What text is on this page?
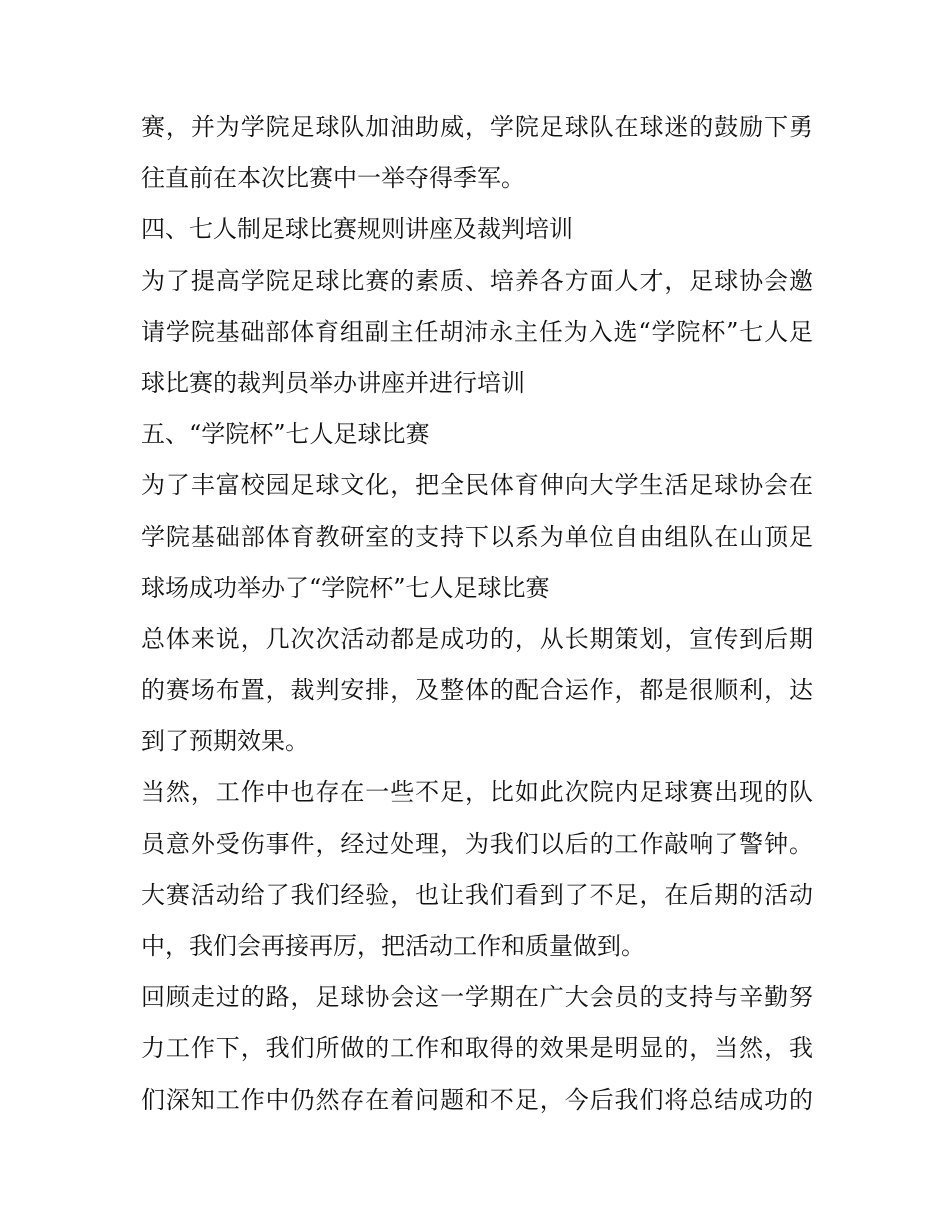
赛，并为学院足球队加油助威，学院足球队在球迷的鼓励下勇
往直前在本次比赛中一举夺得季军。
四、七人制足球比赛规则讲座及裁判培训
为了提高学院足球比赛的素质、培养各方面人才，足球协会邀
请学院基础部体育组副主任胡沛永主任为入选“学院杯”七人足
球比赛的裁判员举办讲座并进行培训
五、“学院杯”七人足球比赛
为了丰富校园足球文化，把全民体育伸向大学生活足球协会在
学院基础部体育教研室的支持下以系为单位自由组队在山顶足
球场成功举办了“学院杯”七人足球比赛
总体来说，几次次活动都是成功的，从长期策划，宣传到后期
的赛场布置，裁判安排，及整体的配合运作，都是很顺利，达
到了预期效果。
当然，工作中也存在一些不足，比如此次院内足球赛出现的队
员意外受伤事件，经过处理，为我们以后的工作敲响了警钟。
大赛活动给了我们经验，也让我们看到了不足，在后期的活动
中，我们会再接再厉，把活动工作和质量做到。
回顾走过的路，足球协会这一学期在广大会员的支持与辛勤努
力工作下，我们所做的工作和取得的效果是明显的，当然，我
们深知工作中仍然存在着问题和不足，今后我们将总结成功的
